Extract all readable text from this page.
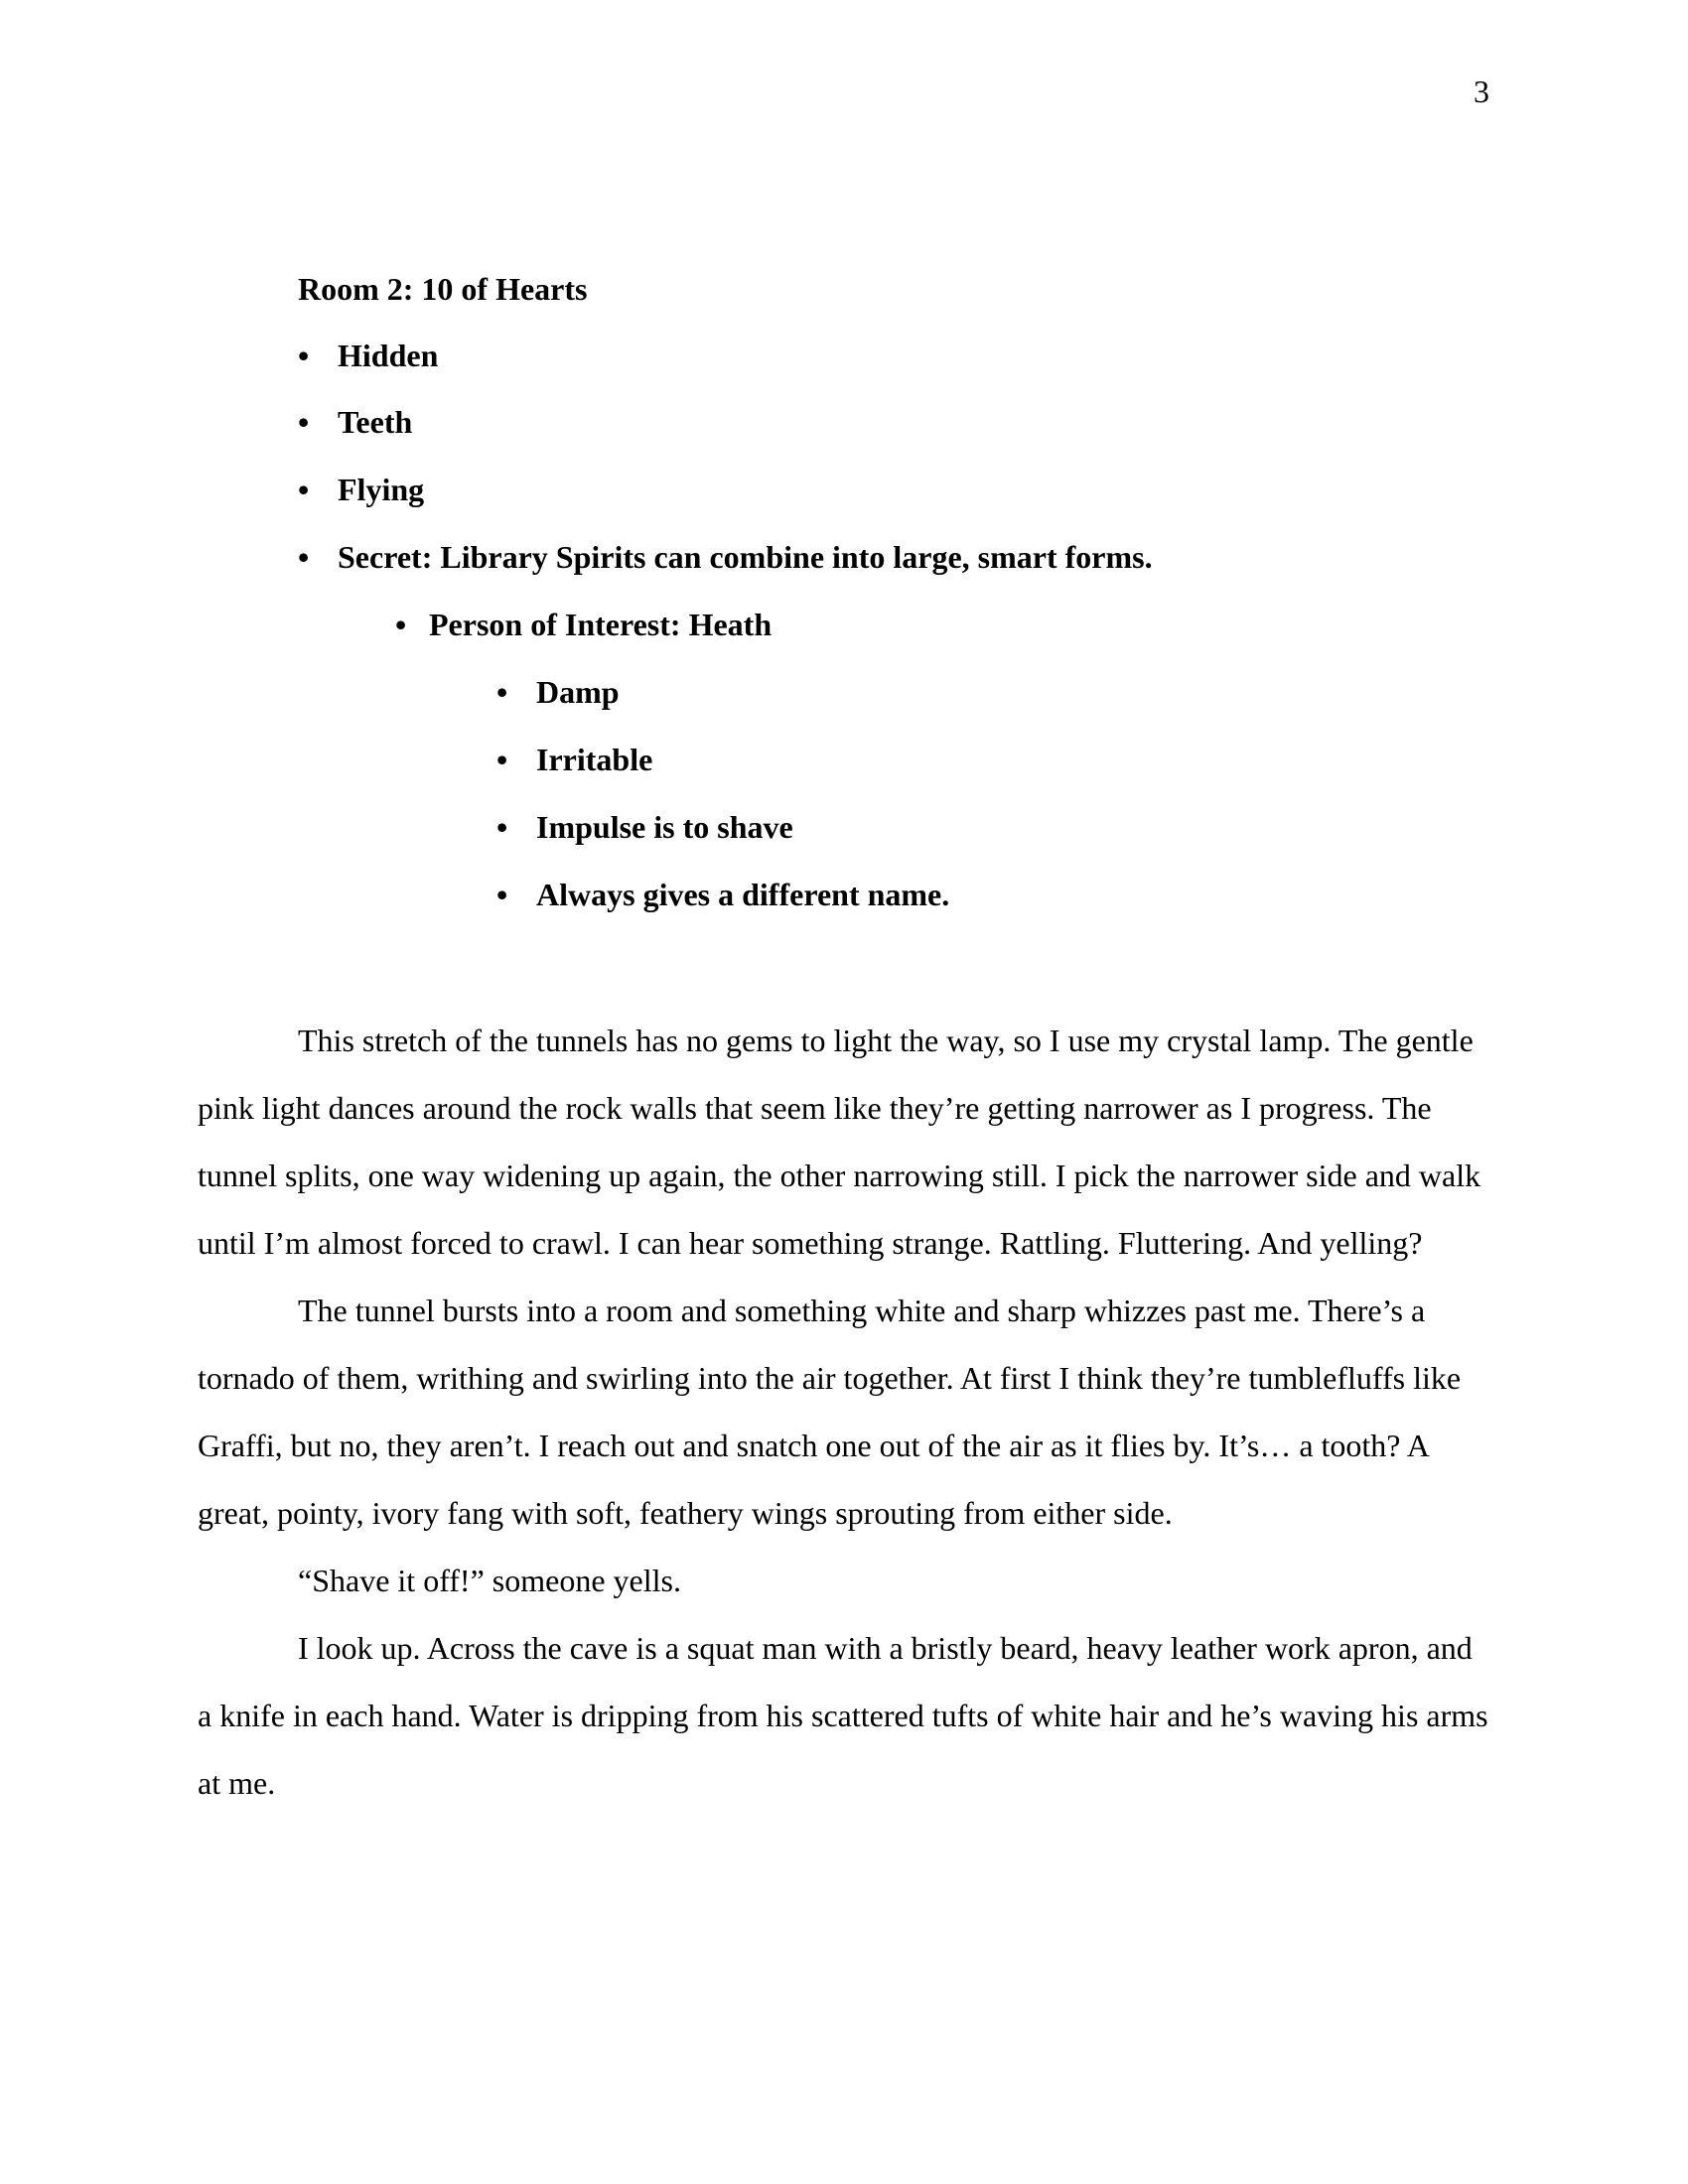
3
Room 2: 10 of Hearts
• Hidden
• Teeth
• Flying
• Secret: Library Spirits can combine into large, smart forms.
• Person of Interest: Heath
• Damp
• Irritable
• Impulse is to shave
• Always gives a different name.

This stretch of the tunnels has no gems to light the way, so I use my crystal lamp. The gentle pink light dances around the rock walls that seem like they’re getting narrower as I progress. The tunnel splits, one way widening up again, the other narrowing still. I pick the narrower side and walk until I’m almost forced to crawl. I can hear something strange. Rattling. Fluttering. And yelling?

The tunnel bursts into a room and something white and sharp whizzes past me. There’s a tornado of them, writhing and swirling into the air together. At first I think they’re tumblefluffs like Graffi, but no, they aren’t. I reach out and snatch one out of the air as it flies by. It’s… a tooth? A great, pointy, ivory fang with soft, feathery wings sprouting from either side.

“Shave it off!” someone yells.

I look up. Across the cave is a squat man with a bristly beard, heavy leather work apron, and a knife in each hand. Water is dripping from his scattered tufts of white hair and he’s waving his arms at me.
